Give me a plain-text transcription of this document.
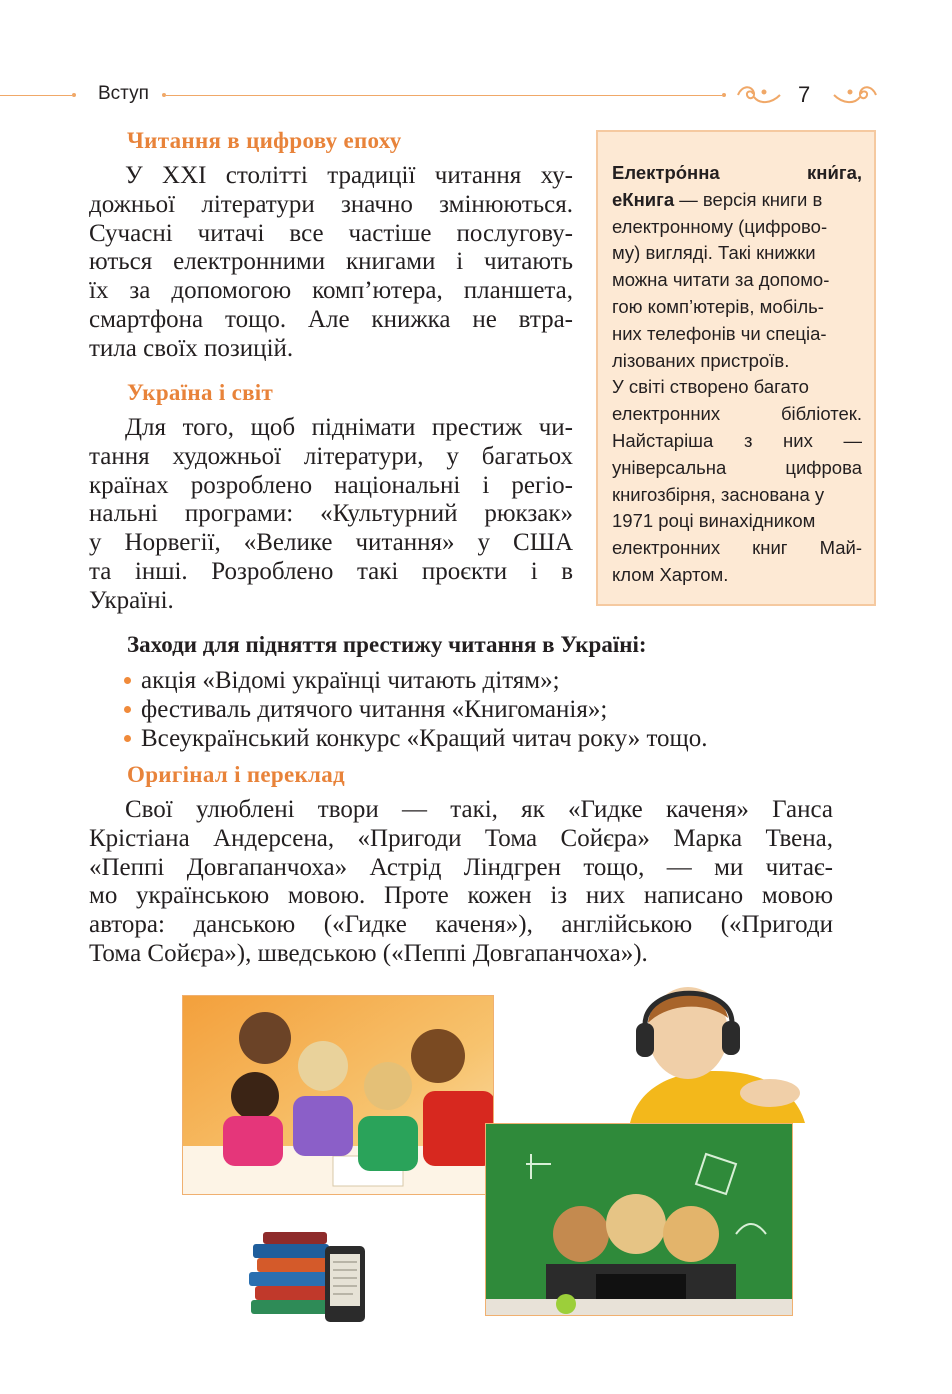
Вступ	7
Читання в цифрову епоху
У XXI столітті традиції читання ху-
дожньої літератури значно змінюються.
Сучасні читачі все частіше послугову-
ються електронними книгами і читають
їх за допомогою комп’ютера, планшета,
смартфона тощо. Але книжка не втра-
тила своїх позицій.
Україна і світ
Для того, щоб піднімати престиж чи-
тання художньої літератури, у багатьох
країнах розроблено національні і регіо-
нальні програми: «Культурний рюкзак»
у Норвегії, «Велике читання» у США
та інші. Розроблено такі проєкти і в
Україні.
Електро́нна кни́га,
еКнига — версія книги в
електронному (цифрово-
му) вигляді. Такі книжки
можна читати за допомо-
гою комп’ютерів, мобіль-
них телефонів чи спеціа-
лізованих пристроїв.
У світі створено багато
електронних бібліотек.
Найстаріша з них —
універсальна цифрова
книгозбірня, заснована у
1971 році винахідником
електронних книг Май-
клом Хартом.
Заходи для підняття престижу читання в Україні:
акція «Відомі українці читають дітям»;
фестиваль дитячого читання «Книгоманія»;
Всеукраїнський конкурс «Кращий читач року» тощо.
Оригінал і переклад
Свої улюблені твори — такі, як «Гидке каченя» Ганса
Крістіана Андерсена, «Пригоди Тома Сойєра» Марка Твена,
«Пеппі Довгапанчоха» Астрід Ліндгрен тощо, — ми читає-
мо українською мовою. Проте кожен із них написано мовою
автора: данською («Гидке каченя»), англійською («Пригоди
Тома Сойєра»), шведською («Пеппі Довгапанчоха»).
